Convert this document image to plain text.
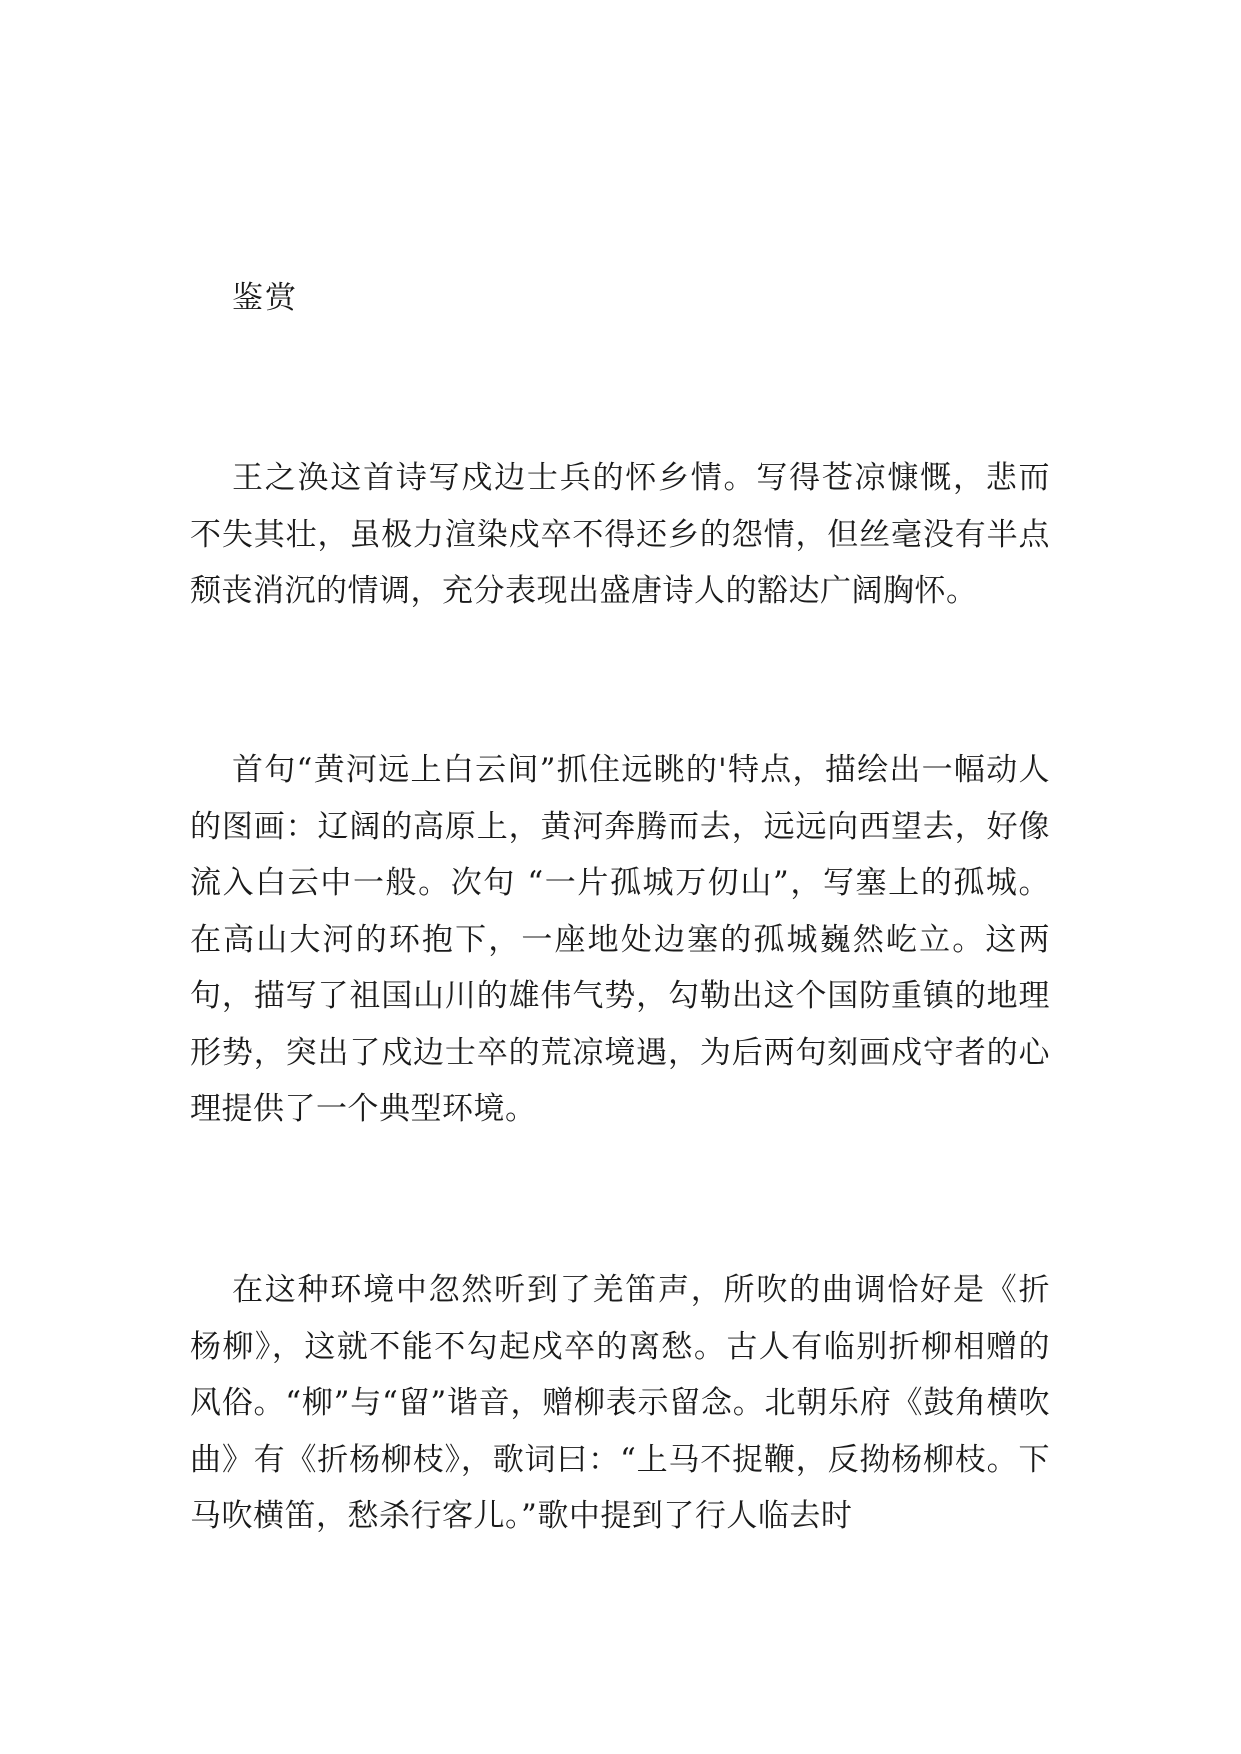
鉴赏

王之涣这首诗写戍边士兵的怀乡情。写得苍凉慷慨，悲而不失其壮，虽极力渲染戍卒不得还乡的怨情，但丝毫没有半点颓丧消沉的情调，充分表现出盛唐诗人的豁达广阔胸怀。

首句“黄河远上白云间”抓住远眺的'特点，描绘出一幅动人的图画：辽阔的高原上，黄河奔腾而去，远远向西望去，好像流入白云中一般。次句 “一片孤城万仞山”，写塞上的孤城。在高山大河的环抱下，一座地处边塞的孤城巍然屹立。这两句，描写了祖国山川的雄伟气势，勾勒出这个国防重镇的地理形势，突出了戍边士卒的荒凉境遇，为后两句刻画戍守者的心理提供了一个典型环境。

在这种环境中忽然听到了羌笛声，所吹的曲调恰好是《折杨柳》，这就不能不勾起戍卒的离愁。古人有临别折柳相赠的风俗。“柳”与“留”谐音，赠柳表示留念。北朝乐府《鼓角横吹曲》有《折杨柳枝》，歌词曰：“上马不捉鞭，反拗杨柳枝。下马吹横笛，愁杀行客儿。”歌中提到了行人临去时
